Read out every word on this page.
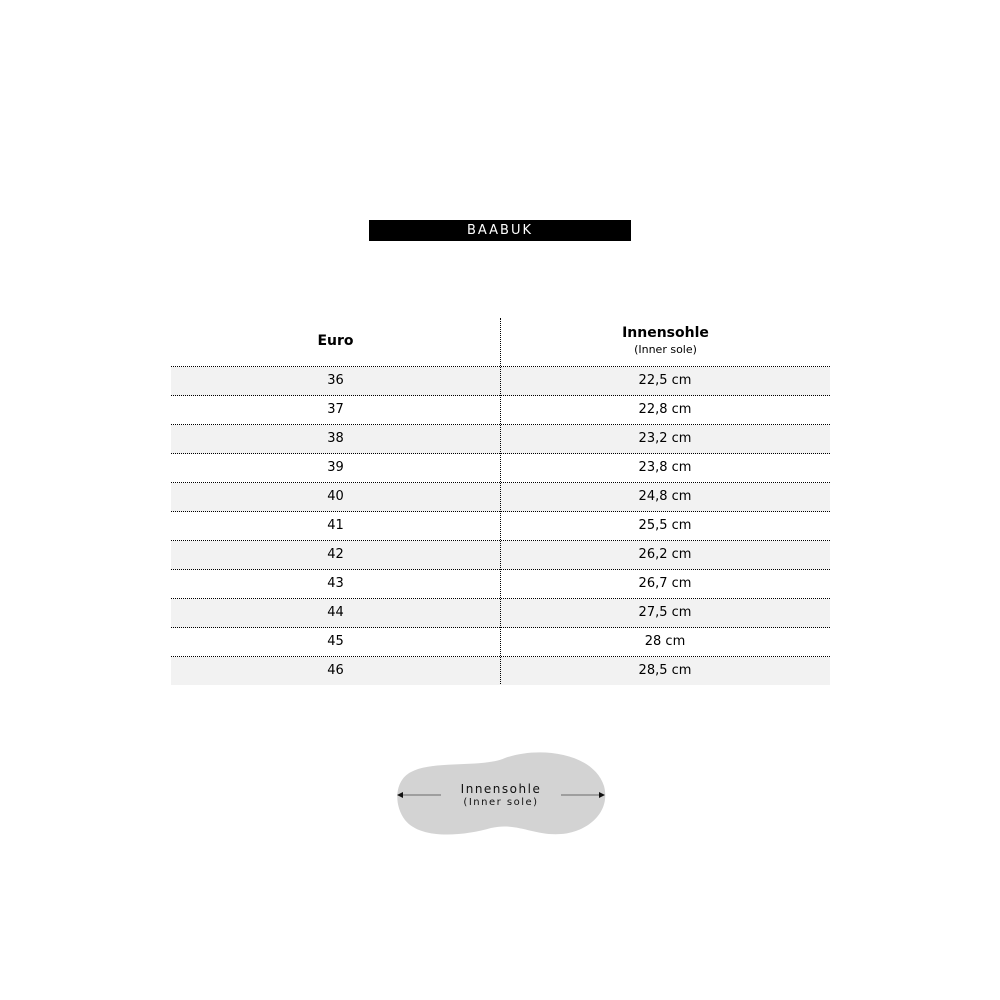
BAABUK
Euro	Innensohle
(Inner sole)
36	22,5 cm
37	22,8 cm
38	23,2 cm
39	23,8 cm
40	24,8 cm
41	25,5 cm
42	26,2 cm
43	26,7 cm
44	27,5 cm
45	28 cm
46	28,5 cm
Innensohle
(Inner sole)
